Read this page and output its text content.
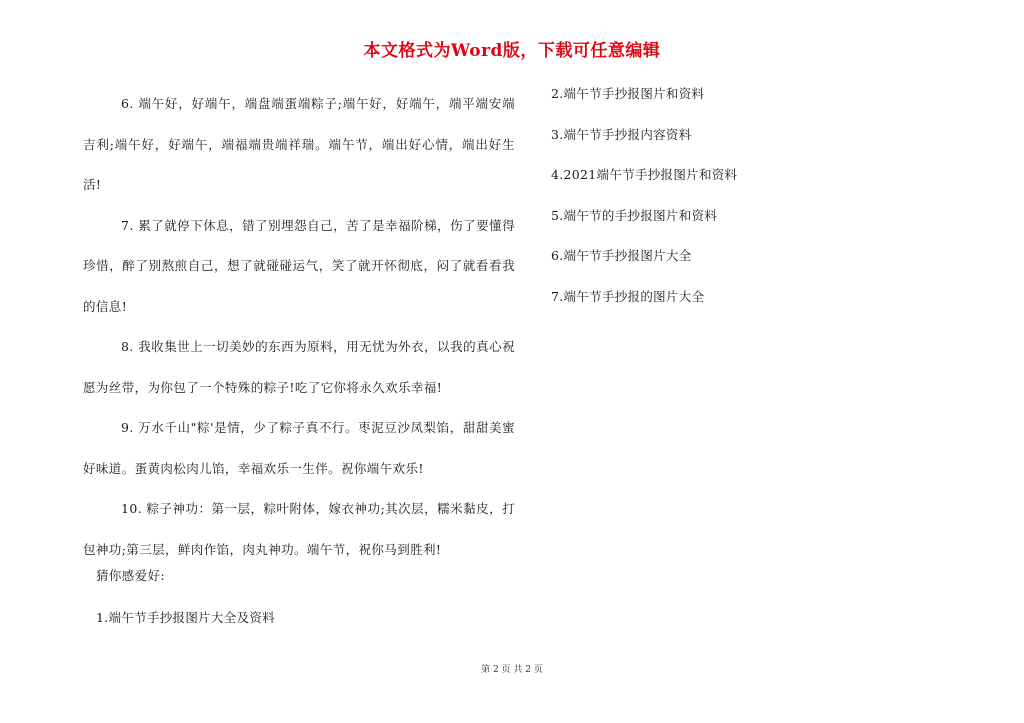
本文格式为Word版，下载可任意编辑

6. 端午好，好端午，端盘端蛋端粽子;端午好，好端午，端平端安端吉利;端午好，好端午，端福端贵端祥瑞。端午节，端出好心情，端出好生活!

7. 累了就停下休息，错了别埋怨自己，苦了是幸福阶梯，伤了要懂得珍惜，醉了别熬煎自己，想了就碰碰运气，笑了就开怀彻底，闷了就看看我的信息!

8. 我收集世上一切美妙的东西为原料，用无忧为外衣，以我的真心祝愿为丝带，为你包了一个特殊的粽子!吃了它你将永久欢乐幸福!

9. 万水千山"粽'是情，少了粽子真不行。枣泥豆沙凤梨馅，甜甜美蜜好味道。蛋黄肉松肉儿馅，幸福欢乐一生伴。祝你端午欢乐!

10. 粽子神功：第一层，粽叶附体，嫁衣神功;其次层，糯米黏皮，打包神功;第三层，鲜肉作馅，肉丸神功。端午节，祝你马到胜利!

猜你感爱好:
1.端午节手抄报图片大全及资料
2.端午节手抄报图片和资料
3.端午节手抄报内容资料
4.2021端午节手抄报图片和资料
5.端午节的手抄报图片和资料
6.端午节手抄报图片大全
7.端午节手抄报的图片大全
第 2 页 共 2 页
